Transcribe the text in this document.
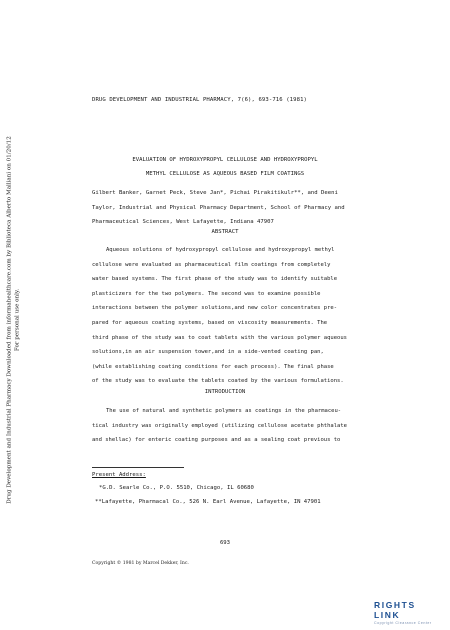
Drug Development and Industrial Pharmacy Downloaded from informahealthcare.com by Biblioteca Alberto Malliani on 01/20/12 For personal use only.
DRUG DEVELOPMENT AND INDUSTRIAL PHARMACY, 7(6), 693-716 (1981)
EVALUATION OF HYDROXYPROPYL CELLULOSE AND HYDROXYPROPYL
METHYL CELLULOSE AS AQUEOUS BASED FILM COATINGS
Gilbert Banker, Garnet Peck, Steve Jan*, Pichai Pirakitikulr**, and Deeni
Taylor, Industrial and Physical Pharmacy Department, School of Pharmacy and
Pharmaceutical Sciences, West Lafayette, Indiana 47907
ABSTRACT
Aqueous solutions of hydroxypropyl cellulose and hydroxypropyl methyl
cellulose were evaluated as pharmaceutical film coatings from completely
water based systems. The first phase of the study was to identify suitable
plasticizers for the two polymers. The second was to examine possible
interactions between the polymer solutions,and new color concentrates pre-
pared for aqueous coating systems, based on viscosity measurements. The
third phase of the study was to coat tablets with the various polymer aqueous
solutions,in an air suspension tower,and in a side-vented coating pan,
(while establishing coating conditions for each process). The final phase
of the study was to evaluate the tablets coated by the various formulations.
INTRODUCTION
The use of natural and synthetic polymers as coatings in the pharmaceu-
tical industry was originally employed (utilizing cellulose acetate phthalate
and shellac) for enteric coating purposes and as a sealing coat previous to
Present Address:
*G.D. Searle Co., P.O. 5510, Chicago, IL 60680
**Lafayette, Pharmacal Co., 526 N. Earl Avenue, Lafayette, IN 47901
693
Copyright © 1981 by Marcel Dekker, Inc.
RIGHTS LINK
Copyright Clearance Center
